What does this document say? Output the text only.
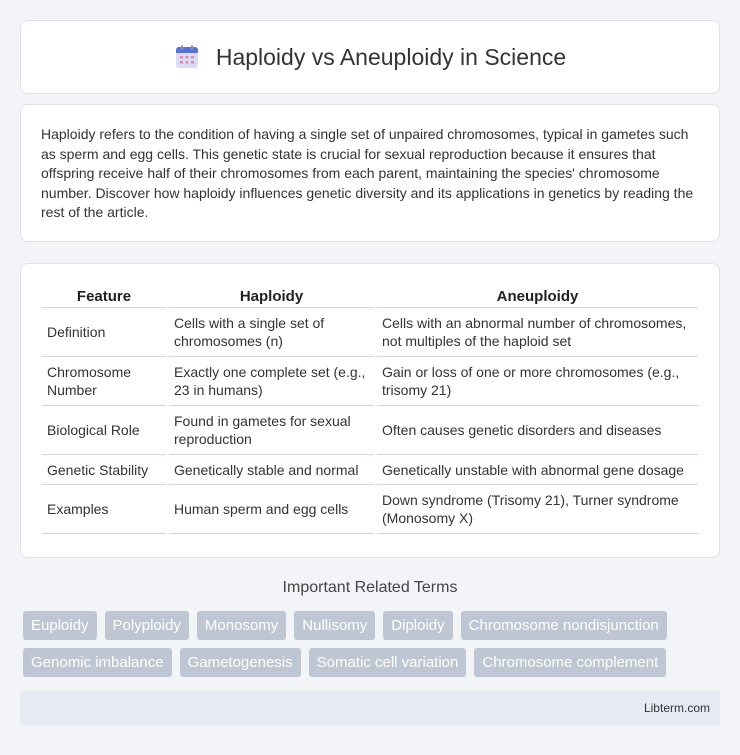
Haploidy vs Aneuploidy in Science

Haploidy refers to the condition of having a single set of unpaired chromosomes, typical in gametes such as sperm and egg cells. This genetic state is crucial for sexual reproduction because it ensures that offspring receive half of their chromosomes from each parent, maintaining the species' chromosome number. Discover how haploidy influences genetic diversity and its applications in genetics by reading the rest of the article.

Feature	Haploidy	Aneuploidy
Definition	Cells with a single set of chromosomes (n)	Cells with an abnormal number of chromosomes, not multiples of the haploid set
Chromosome Number	Exactly one complete set (e.g., 23 in humans)	Gain or loss of one or more chromosomes (e.g., trisomy 21)
Biological Role	Found in gametes for sexual reproduction	Often causes genetic disorders and diseases
Genetic Stability	Genetically stable and normal	Genetically unstable with abnormal gene dosage
Examples	Human sperm and egg cells	Down syndrome (Trisomy 21), Turner syndrome (Monosomy X)
Important Related Terms
Euploidy	Polyploidy	Monosomy	Nullisomy	Diploidy	Chromosome nondisjunction
Genomic imbalance	Gametogenesis	Somatic cell variation	Chromosome complement
Libterm.com
